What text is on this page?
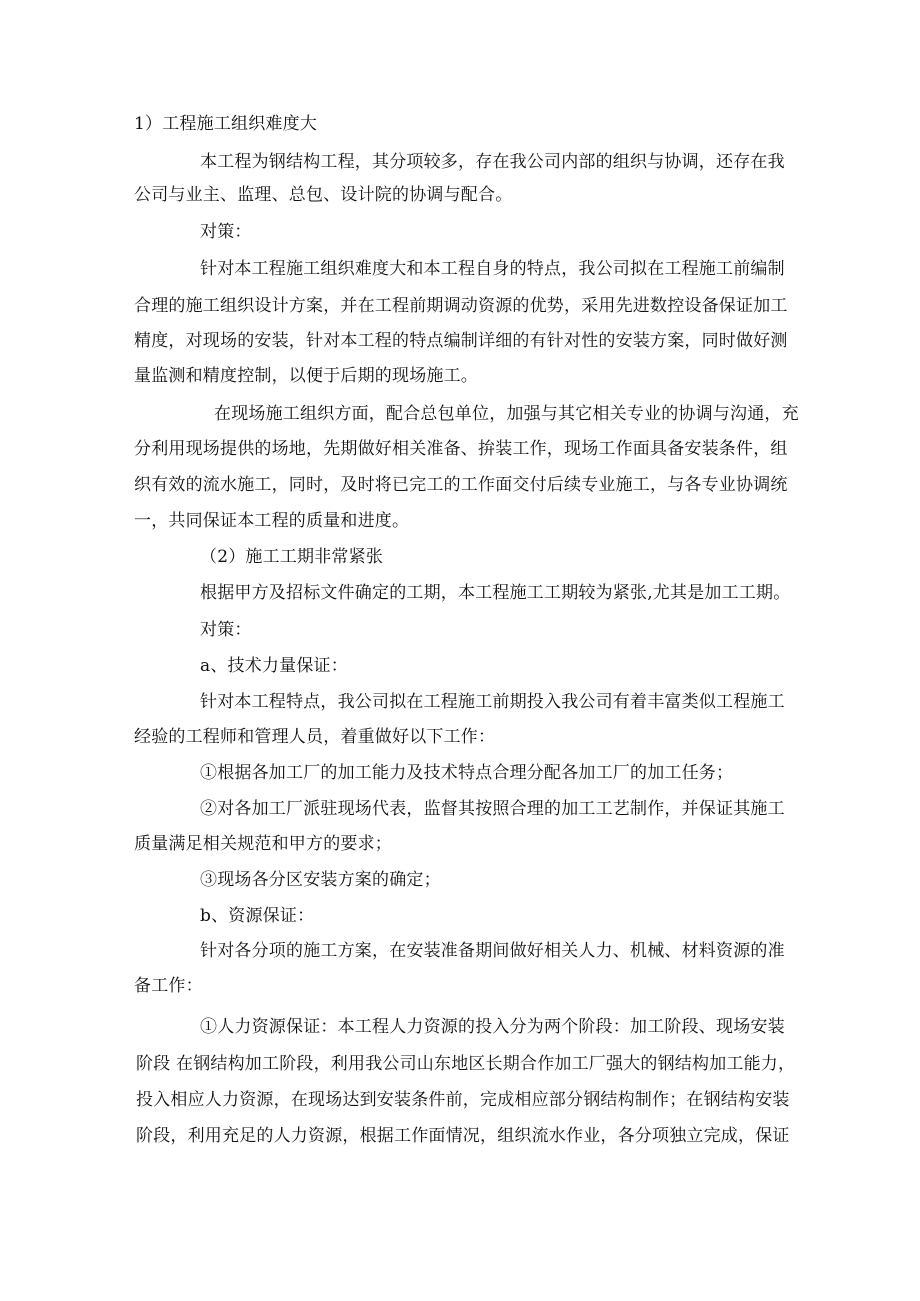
1）工程施工组织难度大
本工程为钢结构工程，其分项较多，存在我公司内部的组织与协调，还存在我
公司与业主、监理、总包、设计院的协调与配合。
对策：
针对本工程施工组织难度大和本工程自身的特点，我公司拟在工程施工前编制
合理的施工组织设计方案，并在工程前期调动资源的优势，采用先进数控设备保证加工
精度，对现场的安装，针对本工程的特点编制详细的有针对性的安装方案，同时做好测
量监测和精度控制，以便于后期的现场施工。
在现场施工组织方面，配合总包单位，加强与其它相关专业的协调与沟通，充
分利用现场提供的场地，先期做好相关准备、拚装工作，现场工作面具备安装条件，组
织有效的流水施工，同时，及时将已完工的工作面交付后续专业施工，与各专业协调统
一，共同保证本工程的质量和进度。
（2）施工工期非常紧张
根据甲方及招标文件确定的工期，本工程施工工期较为紧张,尤其是加工工期。
对策：
a、技术力量保证：
针对本工程特点，我公司拟在工程施工前期投入我公司有着丰富类似工程施工
经验的工程师和管理人员，着重做好以下工作：
①根据各加工厂的加工能力及技术特点合理分配各加工厂的加工任务；
②对各加工厂派驻现场代表，监督其按照合理的加工工艺制作，并保证其施工
质量满足相关规范和甲方的要求；
③现场各分区安装方案的确定；
b、资源保证：
针对各分项的施工方案，在安装准备期间做好相关人力、机械、材料资源的准
备工作：
①人力资源保证：本工程人力资源的投入分为两个阶段：加工阶段、现场安装
阶段 在钢结构加工阶段，利用我公司山东地区长期合作加工厂强大的钢结构加工能力，
投入相应人力资源，在现场达到安装条件前，完成相应部分钢结构制作；在钢结构安装
阶段，利用充足的人力资源，根据工作面情况，组织流水作业，各分项独立完成，保证
